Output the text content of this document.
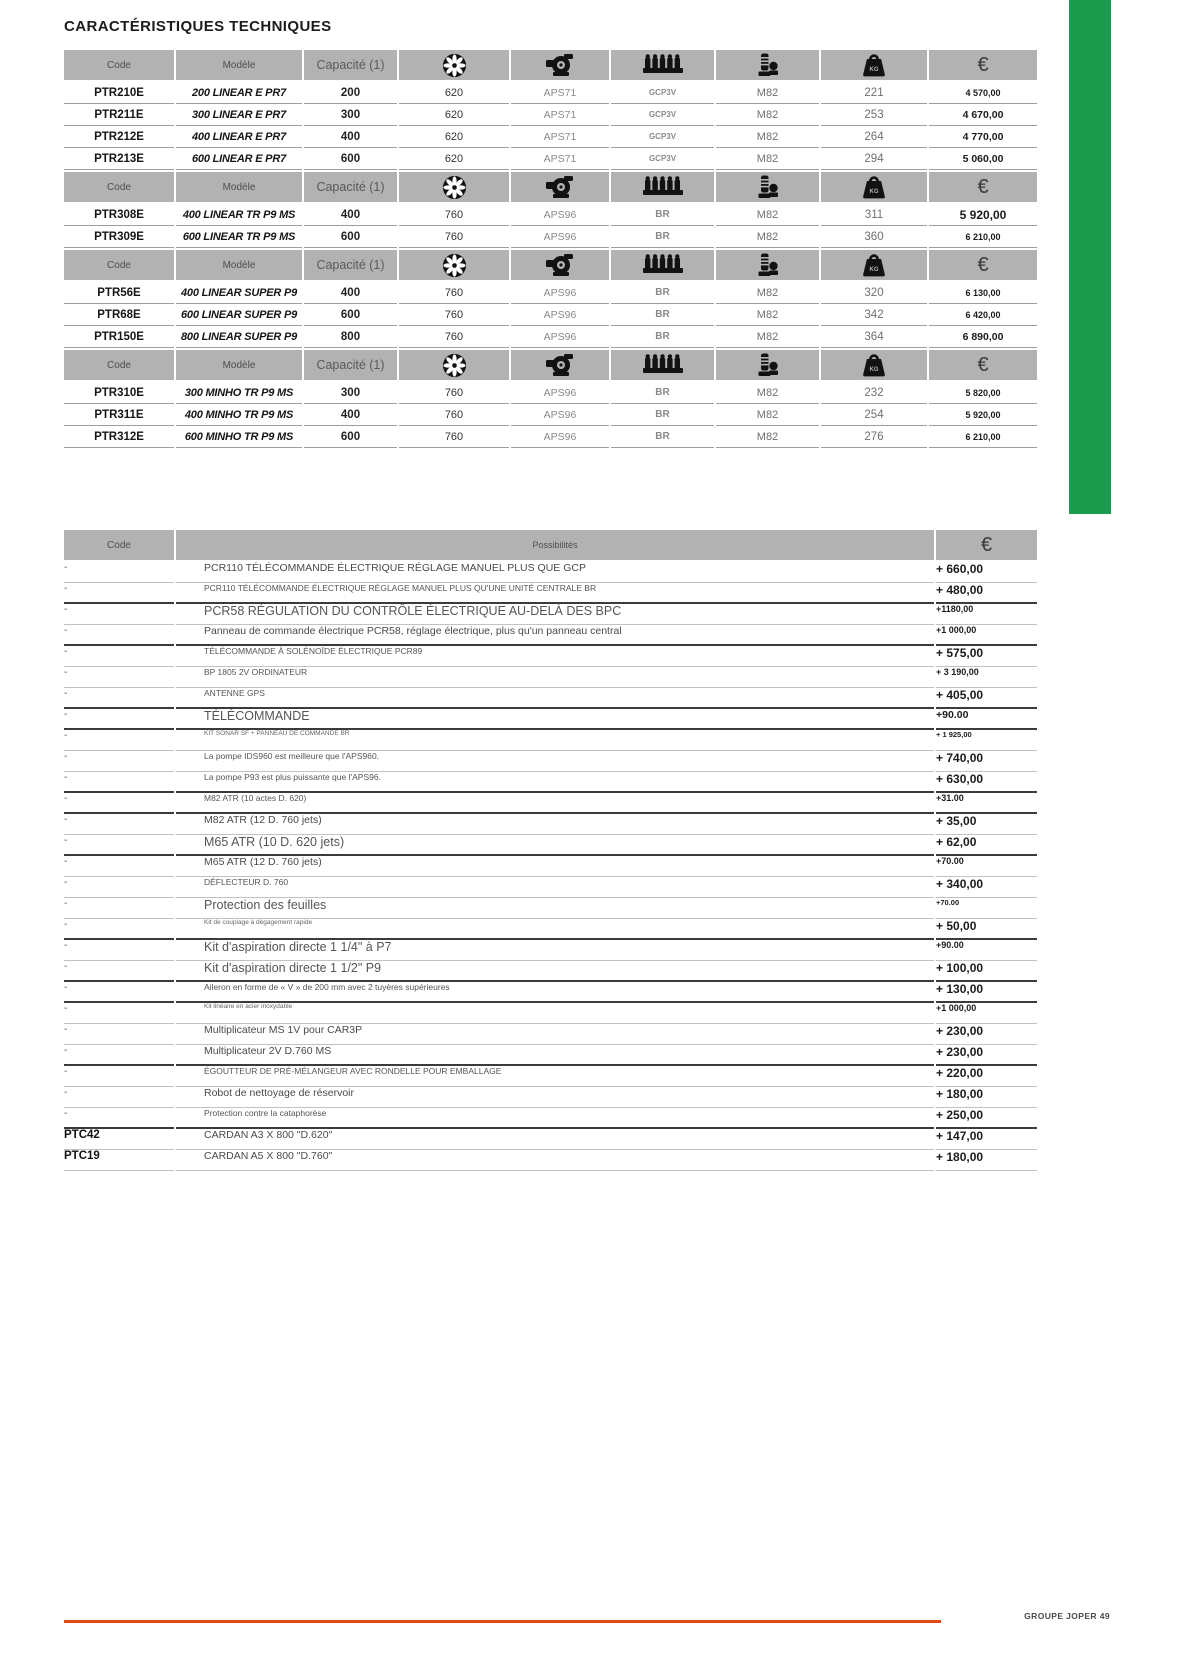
CARACTÉRISTIQUES TECHNIQUES
Code	Modèle	Capacité (1)	KG	€
PTR210E	200 LINEAR E PR7	200	620	APS71	GCP3V	M82	221	4 570,00
PTR211E	300 LINEAR E PR7	300	620	APS71	GCP3V	M82	253	4 670,00
PTR212E	400 LINEAR E PR7	400	620	APS71	GCP3V	M82	264	4 770,00
PTR213E	600 LINEAR E PR7	600	620	APS71	GCP3V	M82	294	5 060,00
Code	Modèle	Capacité (1)	KG	€
PTR308E	400 LINEAR TR P9 MS	400	760	APS96	BR	M82	311	5 920,00
PTR309E	600 LINEAR TR P9 MS	600	760	APS96	BR	M82	360	6 210,00
Code	Modèle	Capacité (1)	KG	€
PTR56E	400 LINEAR SUPER P9	400	760	APS96	BR	M82	320	6 130,00
PTR68E	600 LINEAR SUPER P9	600	760	APS96	BR	M82	342	6 420,00
PTR150E	800 LINEAR SUPER P9	800	760	APS96	BR	M82	364	6 890,00
Code	Modèle	Capacité (1)	KG	€
PTR310E	300 MINHO TR P9 MS	300	760	APS96	BR	M82	232	5 820,00
PTR311E	400 MINHO TR P9 MS	400	760	APS96	BR	M82	254	5 920,00
PTR312E	600 MINHO TR P9 MS	600	760	APS96	BR	M82	276	6 210,00
Code	Possibilités	€
-	PCR110 TÉLÉCOMMANDE ÉLECTRIQUE RÉGLAGE MANUEL PLUS QUE GCP	+ 660,00
-	PCR110 TÉLÉCOMMANDE ÉLECTRIQUE RÉGLAGE MANUEL PLUS QU'UNE UNITÉ CENTRALE BR	+ 480,00
-	PCR58 RÉGULATION DU CONTRÔLE ÉLECTRIQUE AU-DELÀ DES BPC	+1180,00
-	Panneau de commande électrique PCR58, réglage électrique, plus qu'un panneau central	+1 000,00
-	TÉLÉCOMMANDE À SOLÉNOÏDE ÉLECTRIQUE PCR89	+ 575,00
-	BP 1805 2V ORDINATEUR	+ 3 190,00
-	ANTENNE GPS	+ 405,00
-	TÉLÉCOMMANDE	+90.00
-	KIT SONAR SF + PANNEAU DE COMMANDE BR	+ 1 925,00
-	La pompe IDS960 est meilleure que l'APS960.	+ 740,00
-	La pompe P93 est plus puissante que l'APS96.	+ 630,00
-	M82 ATR (10 actes D. 620)	+31.00
-	M82 ATR (12 D. 760 jets)	+ 35,00
-	M65 ATR (10 D. 620 jets)	+ 62,00
-	M65 ATR (12 D. 760 jets)	+70.00
-	DÉFLECTEUR D. 760	+ 340,00
-	Protection des feuilles	+70.00
-	Kit de couplage à dégagement rapide	+ 50,00
-	Kit d'aspiration directe 1 1/4" à P7	+90.00
-	Kit d'aspiration directe 1 1/2" P9	+ 100,00
-	Aileron en forme de « V » de 200 mm avec 2 tuyères supérieures	+ 130,00
-	Kit linéaire en acier inoxydable	+1 000,00
-	Multiplicateur MS 1V pour CAR3P	+ 230,00
-	Multiplicateur 2V D.760 MS	+ 230,00
-	ÉGOUTTEUR DE PRÉ-MÉLANGEUR AVEC RONDELLE POUR EMBALLAGE	+ 220,00
-	Robot de nettoyage de réservoir	+ 180,00
-	Protection contre la cataphorèse	+ 250,00
PTC42	CARDAN A3 X 800 "D.620"	+ 147,00
PTC19	CARDAN A5 X 800 "D.760"	+ 180,00
GROUPE JOPER 49
